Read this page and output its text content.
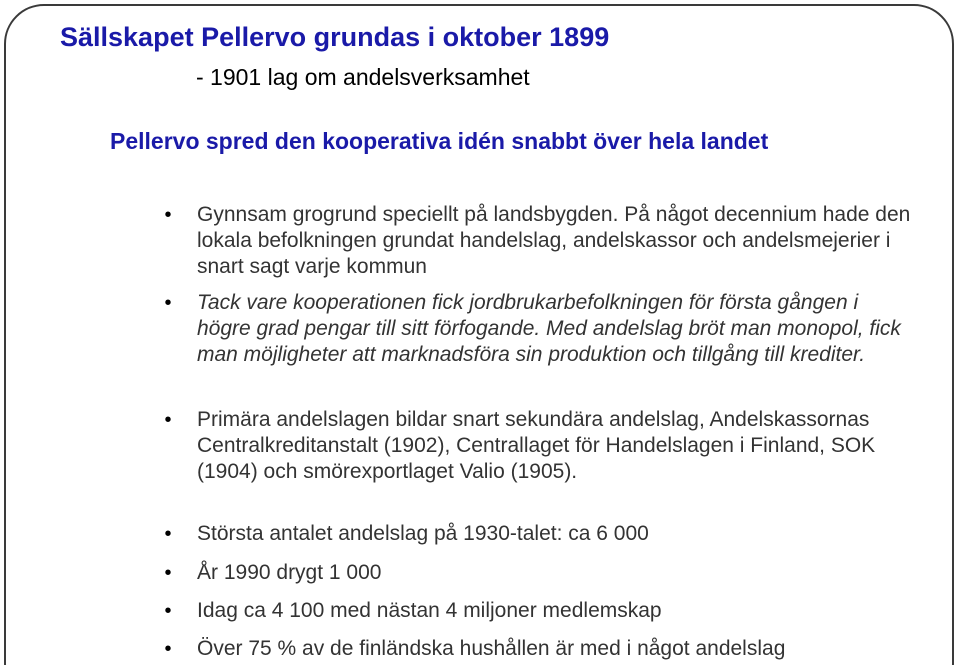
Sällskapet Pellervo grundas i oktober 1899

- 1901 lag om andelsverksamhet

Pellervo spred den kooperativa idén snabbt över hela landet
•	Gynnsam grogrund speciellt på landsbygden. På något decennium hade den lokala befolkningen grundat handelslag, andelskassor och andelsmejerier i snart sagt varje kommun
•	Tack vare kooperationen fick jordbrukarbefolkningen för första gången i högre grad pengar till sitt förfogande. Med andelslag bröt man monopol, fick man möjligheter att marknadsföra sin produktion och tillgång till krediter.
•	Primära andelslagen bildar snart sekundära andelslag, Andelskassornas Centralkreditanstalt (1902), Centrallaget för Handelslagen i Finland, SOK (1904) och smörexportlaget Valio (1905).
•	Största antalet andelslag på 1930-talet: ca 6 000
•	År 1990 drygt 1 000
•	Idag ca 4 100 med nästan 4 miljoner medlemskap
•	Över 75 % av de finländska hushållen är med i något andelslag
